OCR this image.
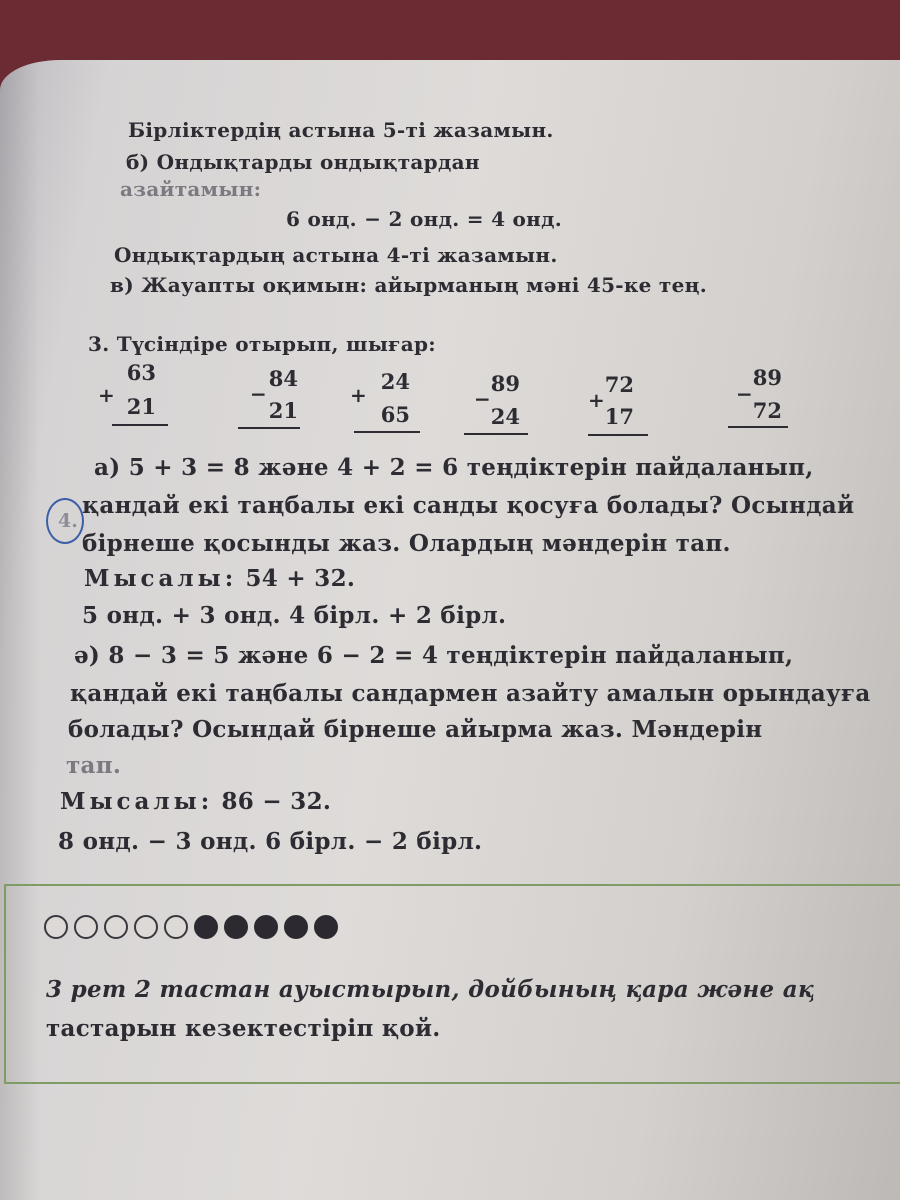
Бірліктердің астына 5-ті жазамын.
б) Ондықтарды ондықтардан
азайтамын:
6 онд. − 2 онд. = 4 онд.
Ондықтардың астына 4-ті жазамын.
в) Жауапты оқимын: айырманың мәні 45-ке тең.
3. Түсіндіре отырып, шығар:
+
63
21	−
84
21
+
24
65
−
89
24
+
72
17
−
89
72
4.
а) 5 + 3 = 8 және 4 + 2 = 6 теңдіктерін пайдаланып,
қандай екі таңбалы екі санды қосуға болады? Осындай
бірнеше қосынды жаз. Олардың мәндерін тап.
Мысалы: 54 + 32.
5 онд. + 3 онд. 4 бірл. + 2 бірл.
ә) 8 − 3 = 5 және 6 − 2 = 4 теңдіктерін пайдаланып,
қандай екі таңбалы сандармен азайту амалын орындауға
болады? Осындай бірнеше айырма жаз. Мәндерін
тап.
Мысалы: 86 − 32.
8 онд. − 3 онд. 6 бірл. − 2 бірл.
3 рет 2 тастан ауыстырып, дойбының қара және ақ
тастарын кезектестіріп қой.
